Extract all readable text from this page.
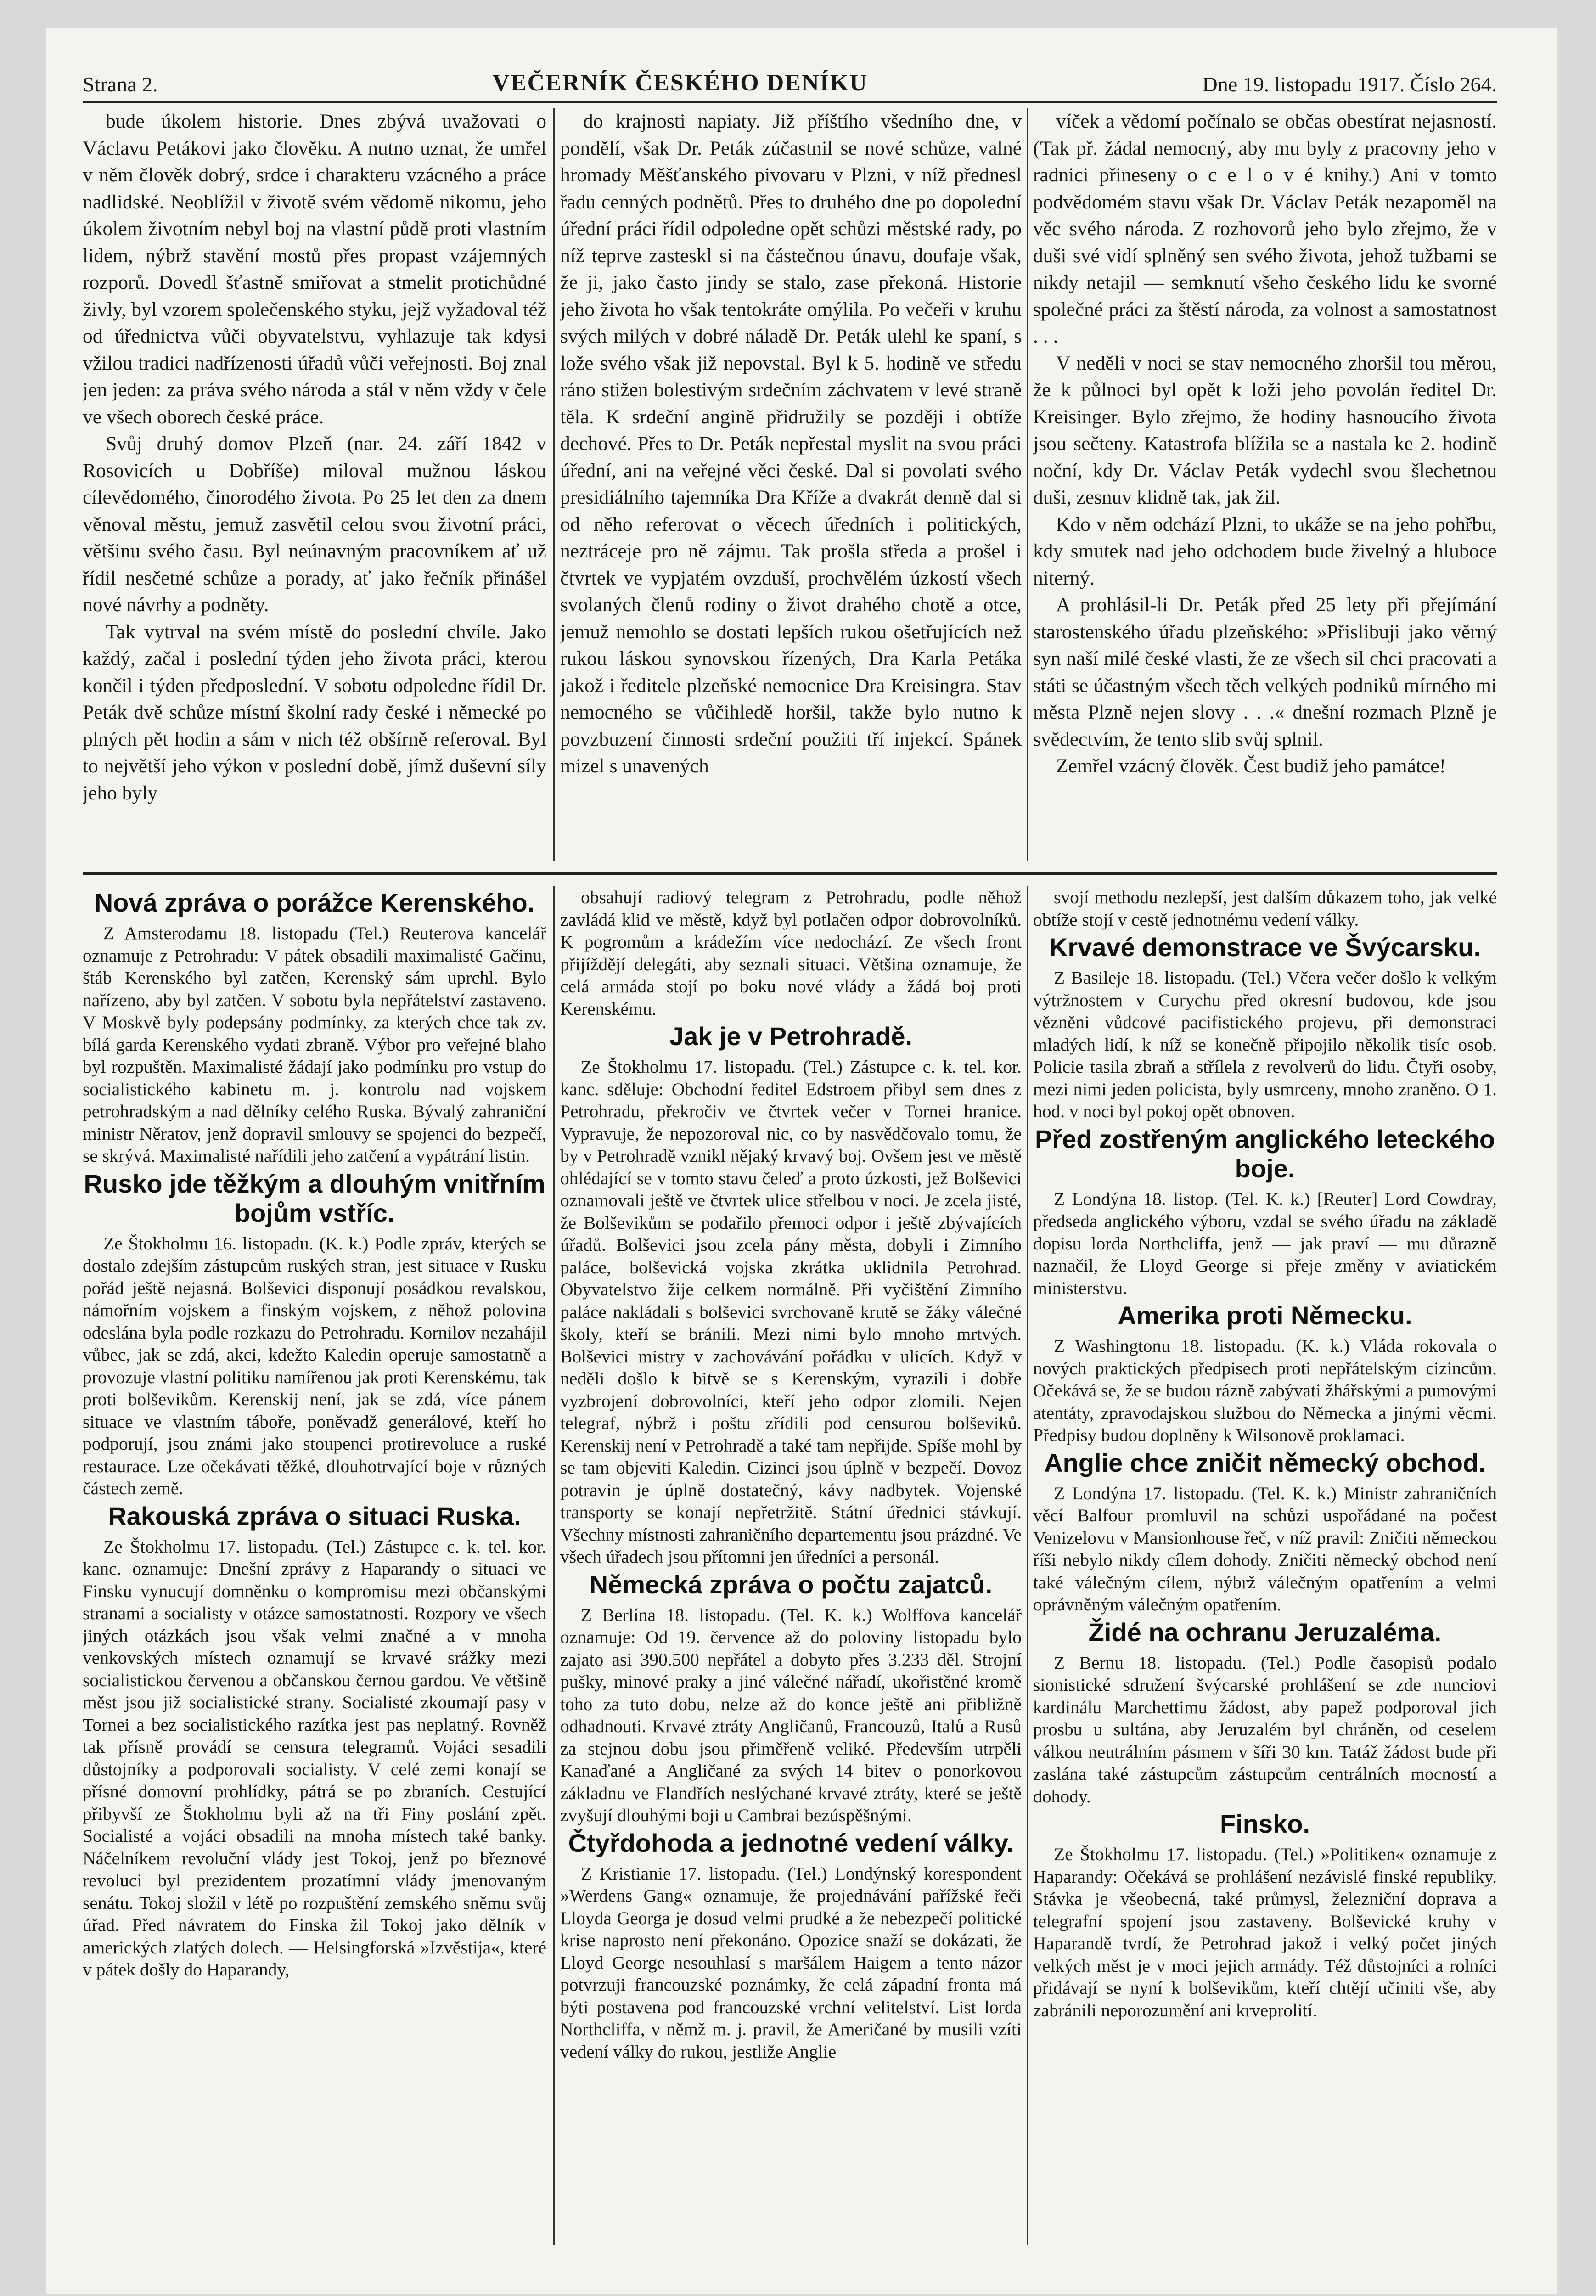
Strana 2.	VEČERNÍK ČESKÉHO DENÍKU	Dne 19. listopadu 1917. Číslo 264.

bude úkolem historie. Dnes zbývá uvažovati o Václavu Petákovi jako člověku. A nutno uznat, že umřel v něm člověk dobrý, srdce i charakteru vzácného a práce nadlidské. Neoblížil v životě svém vědomě nikomu, jeho úkolem životním nebyl boj na vlastní půdě proti vlastním lidem, nýbrž stavění mostů přes propast vzájemných rozporů. Dovedl šťastně smiřovat a stmelit protichůdné živly, byl vzorem společenského styku, jejž vyžadoval též od úřednictva vůči obyvatelstvu, vyhlazuje tak kdysi vžilou tradici nadřízenosti úřadů vůči veřejnosti. Boj znal jen jeden: za práva svého národa a stál v něm vždy v čele ve všech oborech české práce.

Svůj druhý domov Plzeň (nar. 24. září 1842 v Rosovicích u Dobříše) miloval mužnou láskou cílevědomého, činorodého života. Po 25 let den za dnem věnoval městu, jemuž zasvětil celou svou životní práci, většinu svého času. Byl neúnavným pracovníkem ať už řídil nesčetné schůze a porady, ať jako řečník přinášel nové návrhy a podněty.

Tak vytrval na svém místě do poslední chvíle. Jako každý, začal i poslední týden jeho života práci, kterou končil i týden předposlední. V sobotu odpoledne řídil Dr. Peták dvě schůze místní školní rady české i německé po plných pět hodin a sám v nich též obšírně referoval. Byl to největší jeho výkon v poslední době, jímž duševní síly jeho byly

do krajnosti napiaty. Již příštího všedního dne, v pondělí, však Dr. Peták zúčastnil se nové schůze, valné hromady Měšťanského pivovaru v Plzni, v níž přednesl řadu cenných podnětů. Přes to druhého dne po dopolední úřední práci řídil odpoledne opět schůzi městské rady, po níž teprve zasteskl si na částečnou únavu, doufaje však, že ji, jako často jindy se stalo, zase překoná. Historie jeho života ho však tentokráte omýlila. Po večeři v kruhu svých milých v dobré náladě Dr. Peták ulehl ke spaní, s lože svého však již nepovstal. Byl k 5. hodině ve středu ráno stižen bolestivým srdečním záchvatem v levé straně těla. K srdeční angině přidružily se později i obtíže dechové. Přes to Dr. Peták nepřestal myslit na svou práci úřední, ani na veřejné věci české. Dal si povolati svého presidiálního tajemníka Dra Kříže a dvakrát denně dal si od něho referovat o věcech úředních i politických, neztráceje pro ně zájmu. Tak prošla středa a prošel i čtvrtek ve vypjatém ovzduší, prochvělém úzkostí všech svolaných členů rodiny o život drahého chotě a otce, jemuž nemohlo se dostati lepších rukou ošetřujících než rukou láskou synovskou řízených, Dra Karla Petáka jakož i ředitele plzeňské nemocnice Dra Kreisingra. Stav nemocného se vůčihledě horšil, takže bylo nutno k povzbuzení činnosti srdeční použiti tří injekcí. Spánek mizel s unavených

víček a vědomí počínalo se občas obestírat nejasností. (Tak př. žádal nemocný, aby mu byly z pracovny jeho v radnici přineseny o c e l o v é knihy.) Ani v tomto podvědomém stavu však Dr. Václav Peták nezapoměl na věc svého národa. Z rozhovorů jeho bylo zřejmo, že v duši své vidí splněný sen svého života, jehož tužbami se nikdy netajil — semknutí všeho českého lidu ke svorné společné práci za štěstí národa, za volnost a samostatnost . . .

V neděli v noci se stav nemocného zhoršil tou měrou, že k půlnoci byl opět k loži jeho povolán ředitel Dr. Kreisinger. Bylo zřejmo, že hodiny hasnoucího života jsou sečteny. Katastrofa blížila se a nastala ke 2. hodině noční, kdy Dr. Václav Peták vydechl svou šlechetnou duši, zesnuv klidně tak, jak žil.

Kdo v něm odchází Plzni, to ukáže se na jeho pohřbu, kdy smutek nad jeho odchodem bude živelný a hluboce niterný.

A prohlásil-li Dr. Peták před 25 lety při přejímání starostenského úřadu plzeňského: »Přislibuji jako věrný syn naší milé české vlasti, že ze všech sil chci pracovati a státi se účastným všech těch velkých podniků mírného mi města Plzně nejen slovy . . .« dnešní rozmach Plzně je svědectvím, že tento slib svůj splnil.

Zemřel vzácný člověk. Čest budiž jeho památce!

Nová zpráva o porážce Kerenského.

Z Amsterodamu 18. listopadu (Tel.) Reuterova kancelář oznamuje z Petrohradu: V pátek obsadili maximalisté Gačinu, štáb Kerenského byl zatčen, Kerenský sám uprchl. Bylo nařízeno, aby byl zatčen. V sobotu byla nepřátelství zastaveno. V Moskvě byly podepsány podmínky, za kterých chce tak zv. bílá garda Kerenského vydati zbraně. Výbor pro veřejné blaho byl rozpuštěn. Maximalisté žádají jako podmínku pro vstup do socialistického kabinetu m. j. kontrolu nad vojskem petrohradským a nad dělníky celého Ruska. Bývalý zahraniční ministr Něratov, jenž dopravil smlouvy se spojenci do bezpečí, se skrývá. Maximalisté nařídili jeho zatčení a vypátrání listin.

Rusko jde těžkým a dlouhým vnitřním bojům vstříc.

Ze Štokholmu 16. listopadu. (K. k.) Podle zpráv, kterých se dostalo zdejším zástupcům ruských stran, jest situace v Rusku pořád ještě nejasná. Bolševici disponují posádkou revalskou, námořním vojskem a finským vojskem, z něhož polovina odeslána byla podle rozkazu do Petrohradu. Kornilov nezahájil vůbec, jak se zdá, akci, kdežto Kaledin operuje samostatně a provozuje vlastní politiku namířenou jak proti Kerenskému, tak proti bolševikům. Kerenskij není, jak se zdá, více pánem situace ve vlastním táboře, poněvadž generálové, kteří ho podporují, jsou známi jako stoupenci protirevoluce a ruské restaurace. Lze očekávati těžké, dlouhotrvající boje v různých částech země.

Rakouská zpráva o situaci Ruska.

Ze Štokholmu 17. listopadu. (Tel.) Zástupce c. k. tel. kor. kanc. oznamuje: Dnešní zprávy z Haparandy o situaci ve Finsku vynucují domněnku o kompromisu mezi občanskými stranami a socialisty v otázce samostatnosti. Rozpory ve všech jiných otázkách jsou však velmi značné a v mnoha venkovských místech oznamují se krvavé srážky mezi socialistickou červenou a občanskou černou gardou. Ve většině měst jsou již socialistické strany. Socialisté zkoumají pasy v Tornei a bez socialistického razítka jest pas neplatný. Rovněž tak přísně provádí se censura telegramů. Vojáci sesadili důstojníky a podporovali socialisty. V celé zemi konají se přísné domovní prohlídky, pátrá se po zbraních. Cestující přibyvší ze Štokholmu byli až na tři Finy poslání zpět. Socialisté a vojáci obsadili na mnoha místech také banky. Náčelníkem revoluční vlády jest Tokoj, jenž po březnové revoluci byl prezidentem prozatímní vlády jmenovaným senátu. Tokoj složil v létě po rozpuštění zemského sněmu svůj úřad. Před návratem do Finska žil Tokoj jako dělník v amerických zlatých dolech. — Helsingforská »Izvěstija«, které v pátek došly do Haparandy,

obsahují radiový telegram z Petrohradu, podle něhož zavládá klid ve městě, když byl potlačen odpor dobrovolníků. K pogromům a krádežím více nedochází. Ze všech front přijíždějí delegáti, aby seznali situaci. Většina oznamuje, že celá armáda stojí po boku nové vlády a žádá boj proti Kerenskému.

Jak je v Petrohradě.

Ze Štokholmu 17. listopadu. (Tel.) Zástupce c. k. tel. kor. kanc. sděluje: Obchodní ředitel Edstroem přibyl sem dnes z Petrohradu, překročiv ve čtvrtek večer v Tornei hranice. Vypravuje, že nepozoroval nic, co by nasvědčovalo tomu, že by v Petrohradě vznikl nějaký krvavý boj. Ovšem jest ve městě ohlédající se v tomto stavu čeleď a proto úzkosti, jež Bolševici oznamovali ještě ve čtvrtek ulice střelbou v noci. Je zcela jisté, že Bolševikům se podařilo přemoci odpor i ještě zbývajících úřadů. Bolševici jsou zcela pány města, dobyli i Zimního paláce, bolševická vojska zkrátka uklidnila Petrohrad. Obyvatelstvo žije celkem normálně. Při vyčištění Zimního paláce nakládali s bolševici svrchovaně krutě se žáky válečné školy, kteří se bránili. Mezi nimi bylo mnoho mrtvých. Bolševici mistry v zachovávání pořádku v ulicích. Když v neděli došlo k bitvě se s Kerenským, vyrazili i dobře vyzbrojení dobrovolníci, kteří jeho odpor zlomili. Nejen telegraf, nýbrž i poštu zřídili pod censurou bolševiků. Kerenskij není v Petrohradě a také tam nepřijde. Spíše mohl by se tam objeviti Kaledin. Cizinci jsou úplně v bezpečí. Dovoz potravin je úplně dostatečný, kávy nadbytek. Vojenské transporty se konají nepřetržitě. Státní úřednici stávkují. Všechny místnosti zahraničního departementu jsou prázdné. Ve všech úřadech jsou přítomni jen úředníci a personál.

Německá zpráva o počtu zajatců.

Z Berlína 18. listopadu. (Tel. K. k.) Wolffova kancelář oznamuje: Od 19. července až do poloviny listopadu bylo zajato asi 390.500 nepřátel a dobyto přes 3.233 děl. Strojní pušky, minové praky a jiné válečné nářadí, ukořistěné kromě toho za tuto dobu, nelze až do konce ještě ani přibližně odhadnouti. Krvavé ztráty Angličanů, Francouzů, Italů a Rusů za stejnou dobu jsou přiměřeně veliké. Především utrpěli Kanaďané a Angličané za svých 14 bitev o ponorkovou základnu ve Flandřích neslýchané krvavé ztráty, které se ještě zvyšují dlouhými boji u Cambrai bezúspěšnými.

Čtyřdohoda a jednotné vedení války.

Z Kristianie 17. listopadu. (Tel.) Londýnský korespondent »Werdens Gang« oznamuje, že projednávání pařížské řeči Lloyda Georga je dosud velmi prudké a že nebezpečí politické krise naprosto není překonáno. Opozice snaží se dokázati, že Lloyd George nesouhlasí s maršálem Haigem a tento názor potvrzuji francouzské poznámky, že celá západní fronta má býti postavena pod francouzské vrchní velitelství. List lorda Northcliffa, v němž m. j. pravil, že Američané by musili vzíti vedení války do rukou, jestliže Anglie

svojí methodu nezlepší, jest dalším důkazem toho, jak velké obtíže stojí v cestě jednotnému vedení války.

Krvavé demonstrace ve Švýcarsku.

Z Basileje 18. listopadu. (Tel.) Včera večer došlo k velkým výtržnostem v Curychu před okresní budovou, kde jsou vězněni vůdcové pacifistického projevu, při demonstraci mladých lidí, k níž se konečně připojilo několik tisíc osob. Policie tasila zbraň a střílela z revolverů do lidu. Čtyři osoby, mezi nimi jeden policista, byly usmrceny, mnoho zraněno. O 1. hod. v noci byl pokoj opět obnoven.

Před zostřeným anglického leteckého boje.

Z Londýna 18. listop. (Tel. K. k.) [Reuter] Lord Cowdray, předseda anglického výboru, vzdal se svého úřadu na základě dopisu lorda Northcliffa, jenž — jak praví — mu důrazně naznačil, že Lloyd George si přeje změny v aviatickém ministerstvu.

Amerika proti Německu.

Z Washingtonu 18. listopadu. (K. k.) Vláda rokovala o nových praktických předpisech proti nepřátelským cizincům. Očekává se, že se budou rázně zabývati žhářskými a pumovými atentáty, zpravodajskou službou do Německa a jinými věcmi. Předpisy budou doplněny k Wilsonově proklamaci.

Anglie chce zničit německý obchod.

Z Londýna 17. listopadu. (Tel. K. k.) Ministr zahraničních věcí Balfour promluvil na schůzi uspořádané na počest Venizelovu v Mansionhouse řeč, v níž pravil: Zničiti německou říši nebylo nikdy cílem dohody. Zničiti německý obchod není také válečným cílem, nýbrž válečným opatřením a velmi oprávněným válečným opatřením.

Židé na ochranu Jeruzaléma.

Z Bernu 18. listopadu. (Tel.) Podle časopisů podalo sionistické sdružení švýcarské prohlášení se zde nunciovi kardinálu Marchettimu žádost, aby papež podporoval jich prosbu u sultána, aby Jeruzalém byl chráněn, od ceselem válkou neutrálním pásmem v šíři 30 km. Tatáž žádost bude při zaslána také zástupcům zástupcům centrálních mocností a dohody.

Finsko.

Ze Štokholmu 17. listopadu. (Tel.) »Politiken« oznamuje z Haparandy: Očekává se prohlášení nezávislé finské republiky. Stávka je všeobecná, také průmysl, železniční doprava a telegrafní spojení jsou zastaveny. Bolševické kruhy v Haparandě tvrdí, že Petrohrad jakož i velký počet jiných velkých měst je v moci jejich armády. Též důstojníci a rolníci přidávají se nyní k bolševikům, kteří chtějí učiniti vše, aby zabránili neporozumění ani krveprolití.
